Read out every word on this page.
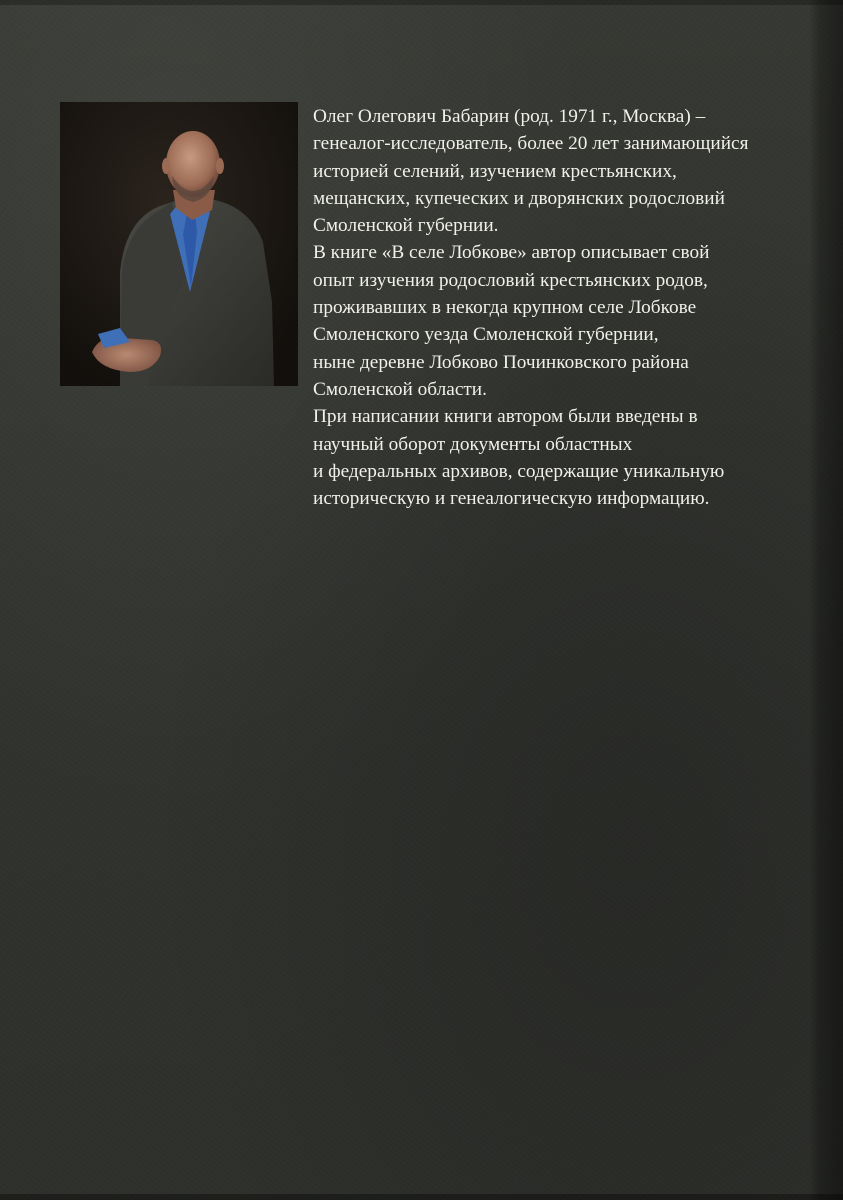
Олег Олегович Бабарин (род. 1971 г., Москва) –
генеалог-исследователь, более 20 лет занимающийся
историей селений, изучением крестьянских,
мещанских, купеческих и дворянских родословий
Смоленской губернии.
В книге «В селе Лобкове» автор описывает свой
опыт изучения родословий крестьянских родов,
проживавших в некогда крупном селе Лобкове
Смоленского уезда Смоленской губернии,
ныне деревне Лобково Починковского района
Смоленской области.
При написании книги автором были введены в
научный оборот документы областных
и федеральных архивов, содержащие уникальную
историческую и генеалогическую информацию.
